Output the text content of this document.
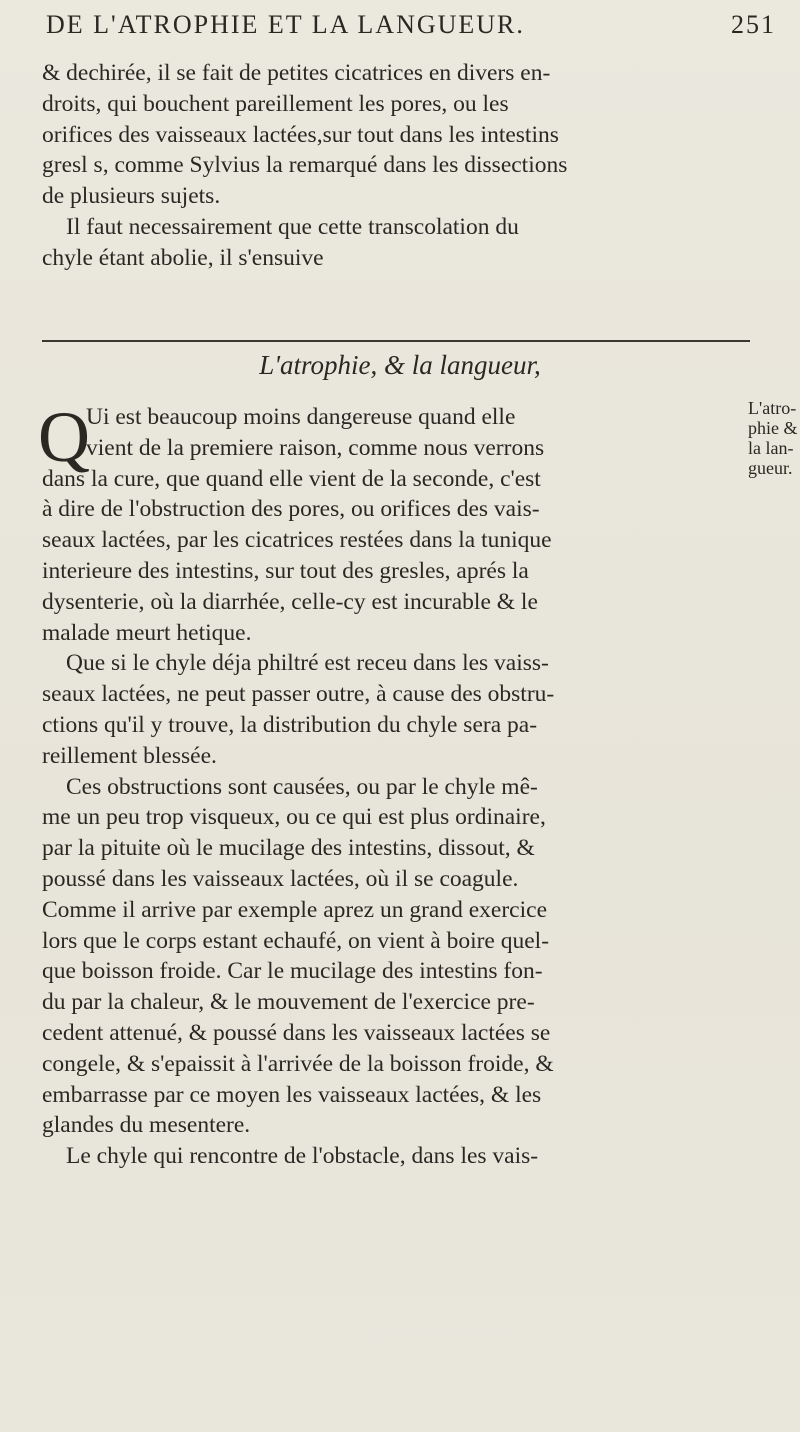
DE L'ATROPHIE ET LA LANGUEUR.	251
& dechirée, il se fait de petites cicatrices en divers en-
droits, qui bouchent pareillement les pores, ou les
orifices des vaisseaux lactées,sur tout dans les intestins
gresl s, comme Sylvius la remarqué dans les dissections
de plusieurs sujets.
Il faut necessairement que cette transcolation du
chyle étant abolie, il s'ensuive
L'atrophie, & la langueur,
Q	L'atro-
phie &
la lan-
gueur.
Ui est beaucoup moins dangereuse quand elle
vient de la premiere raison, comme nous verrons
dans la cure, que quand elle vient de la seconde, c'est
à dire de l'obstruction des pores, ou orifices des vais-
seaux lactées, par les cicatrices restées dans la tunique
interieure des intestins, sur tout des gresles, aprés la
dysenterie, où la diarrhée, celle-cy est incurable & le
malade meurt hetique.
Que si le chyle déja philtré est receu dans les vaiss-
seaux lactées, ne peut passer outre, à cause des obstru-
ctions qu'il y trouve, la distribution du chyle sera pa-
reillement blessée.
Ces obstructions sont causées, ou par le chyle mê-
me un peu trop visqueux, ou ce qui est plus ordinaire,
par la pituite où le mucilage des intestins, dissout, &
poussé dans les vaisseaux lactées, où il se coagule.
Comme il arrive par exemple aprez un grand exercice
lors que le corps estant echaufé, on vient à boire quel-
que boisson froide. Car le mucilage des intestins fon-
du par la chaleur, & le mouvement de l'exercice pre-
cedent attenué, & poussé dans les vaisseaux lactées se
congele, & s'epaissit à l'arrivée de la boisson froide, &
embarrasse par ce moyen les vaisseaux lactées, & les
glandes du mesentere.
Le chyle qui rencontre de l'obstacle, dans les vais-
